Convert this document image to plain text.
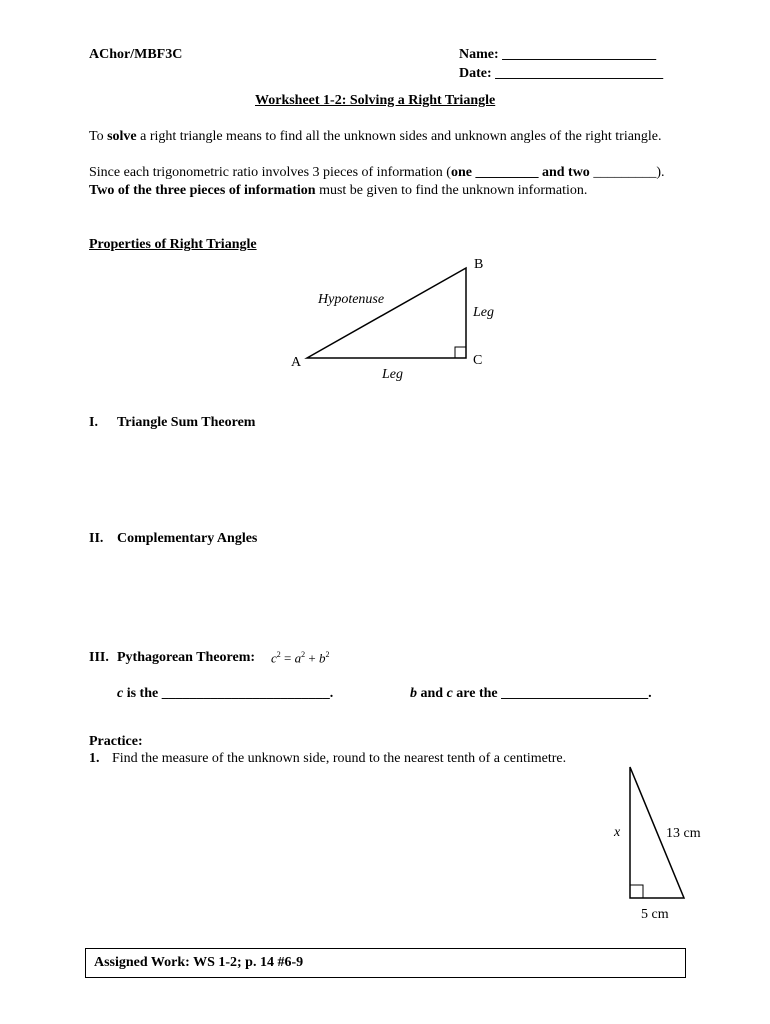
AChor/MBF3C	Name: ______________________
Date: ________________________
Worksheet 1-2: Solving a Right Triangle
To solve a right triangle means to find all the unknown sides and unknown angles of the right triangle.
Since each trigonometric ratio involves 3 pieces of information (one _________ and two _________).
Two of the three pieces of information must be given to find the unknown information.
Properties of Right Triangle
B
A	C
Hypotenuse
Leg
Leg
I. Triangle Sum Theorem
II. Complementary Angles
III. Pythagorean Theorem: $c^2 = a^2 + b^2$
c is the ________________________.	b and c are the _____________________.
Practice:
1. Find the measure of the unknown side, round to the nearest tenth of a centimetre.
x	13 cm
5 cm
Assigned Work: WS 1-2; p. 14 #6-9
